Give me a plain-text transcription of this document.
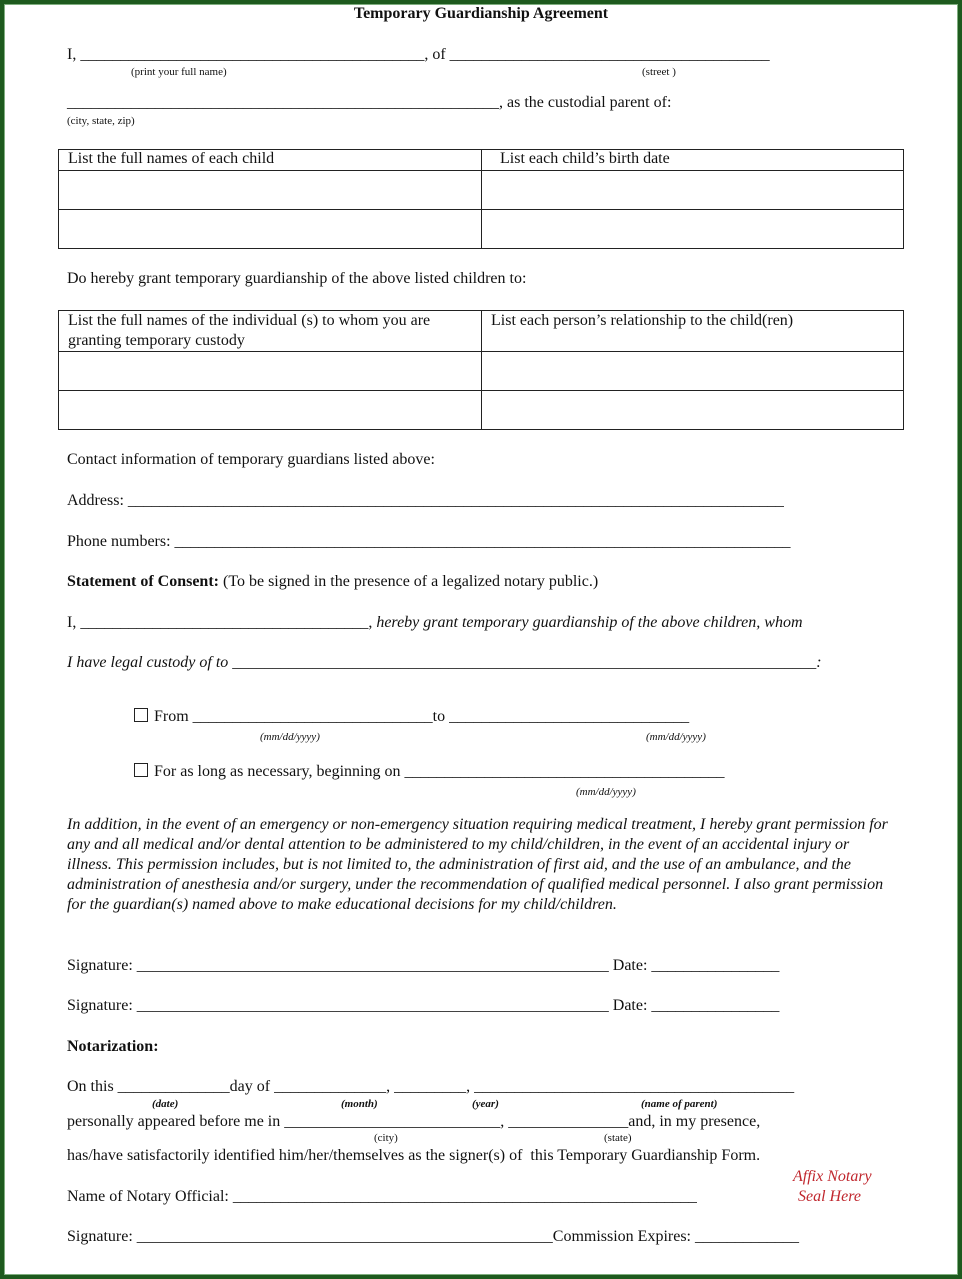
Temporary Guardianship Agreement
I, ___________________________________________, of ________________________________________
(print your full name)	(street )
______________________________________________________, as the custodial parent of:
(city, state, zip)
List the full names of each child	List each child’s birth date

Do hereby grant temporary guardianship of the above listed children to:
List the full names of the individual (s) to whom you are
granting temporary custody	List each person’s relationship to the child(ren)

Contact information of temporary guardians listed above:
Address: __________________________________________________________________________________
Phone numbers: _____________________________________________________________________________
Statement of Consent: (To be signed in the presence of a legalized notary public.)
I, ____________________________________, hereby grant temporary guardianship of the above children, whom
I have legal custody of to _________________________________________________________________________:
From ______________________________to ______________________________
(mm/dd/yyyy)	(mm/dd/yyyy)
For as long as necessary, beginning on ________________________________________
(mm/dd/yyyy)
In addition, in the event of an emergency or non-emergency situation requiring medical treatment, I hereby grant permission for any and all medical and/or dental attention to be administered to my child/children, in the event of an accidental injury or illness. This permission includes, but is not limited to, the administration of first aid, and the use of an ambulance, and the administration of anesthesia and/or surgery, under the recommendation of qualified medical personnel. I also grant permission for the guardian(s) named above to make educational decisions for my child/children.
Signature: ___________________________________________________________ Date: ________________
Signature: ___________________________________________________________ Date: ________________
Notarization:
On this ______________day of ______________, _________, ________________________________________
(date)	(month)	(year)	(name of parent)
personally appeared before me in ___________________________, _______________and, in my presence,
(city)	(state)
has/have satisfactorily identified him/her/themselves as the signer(s) of  this Temporary Guardianship Form.
Name of Notary Official: __________________________________________________________
Affix Notary
Seal Here
Signature: ____________________________________________________Commission Expires: _____________
